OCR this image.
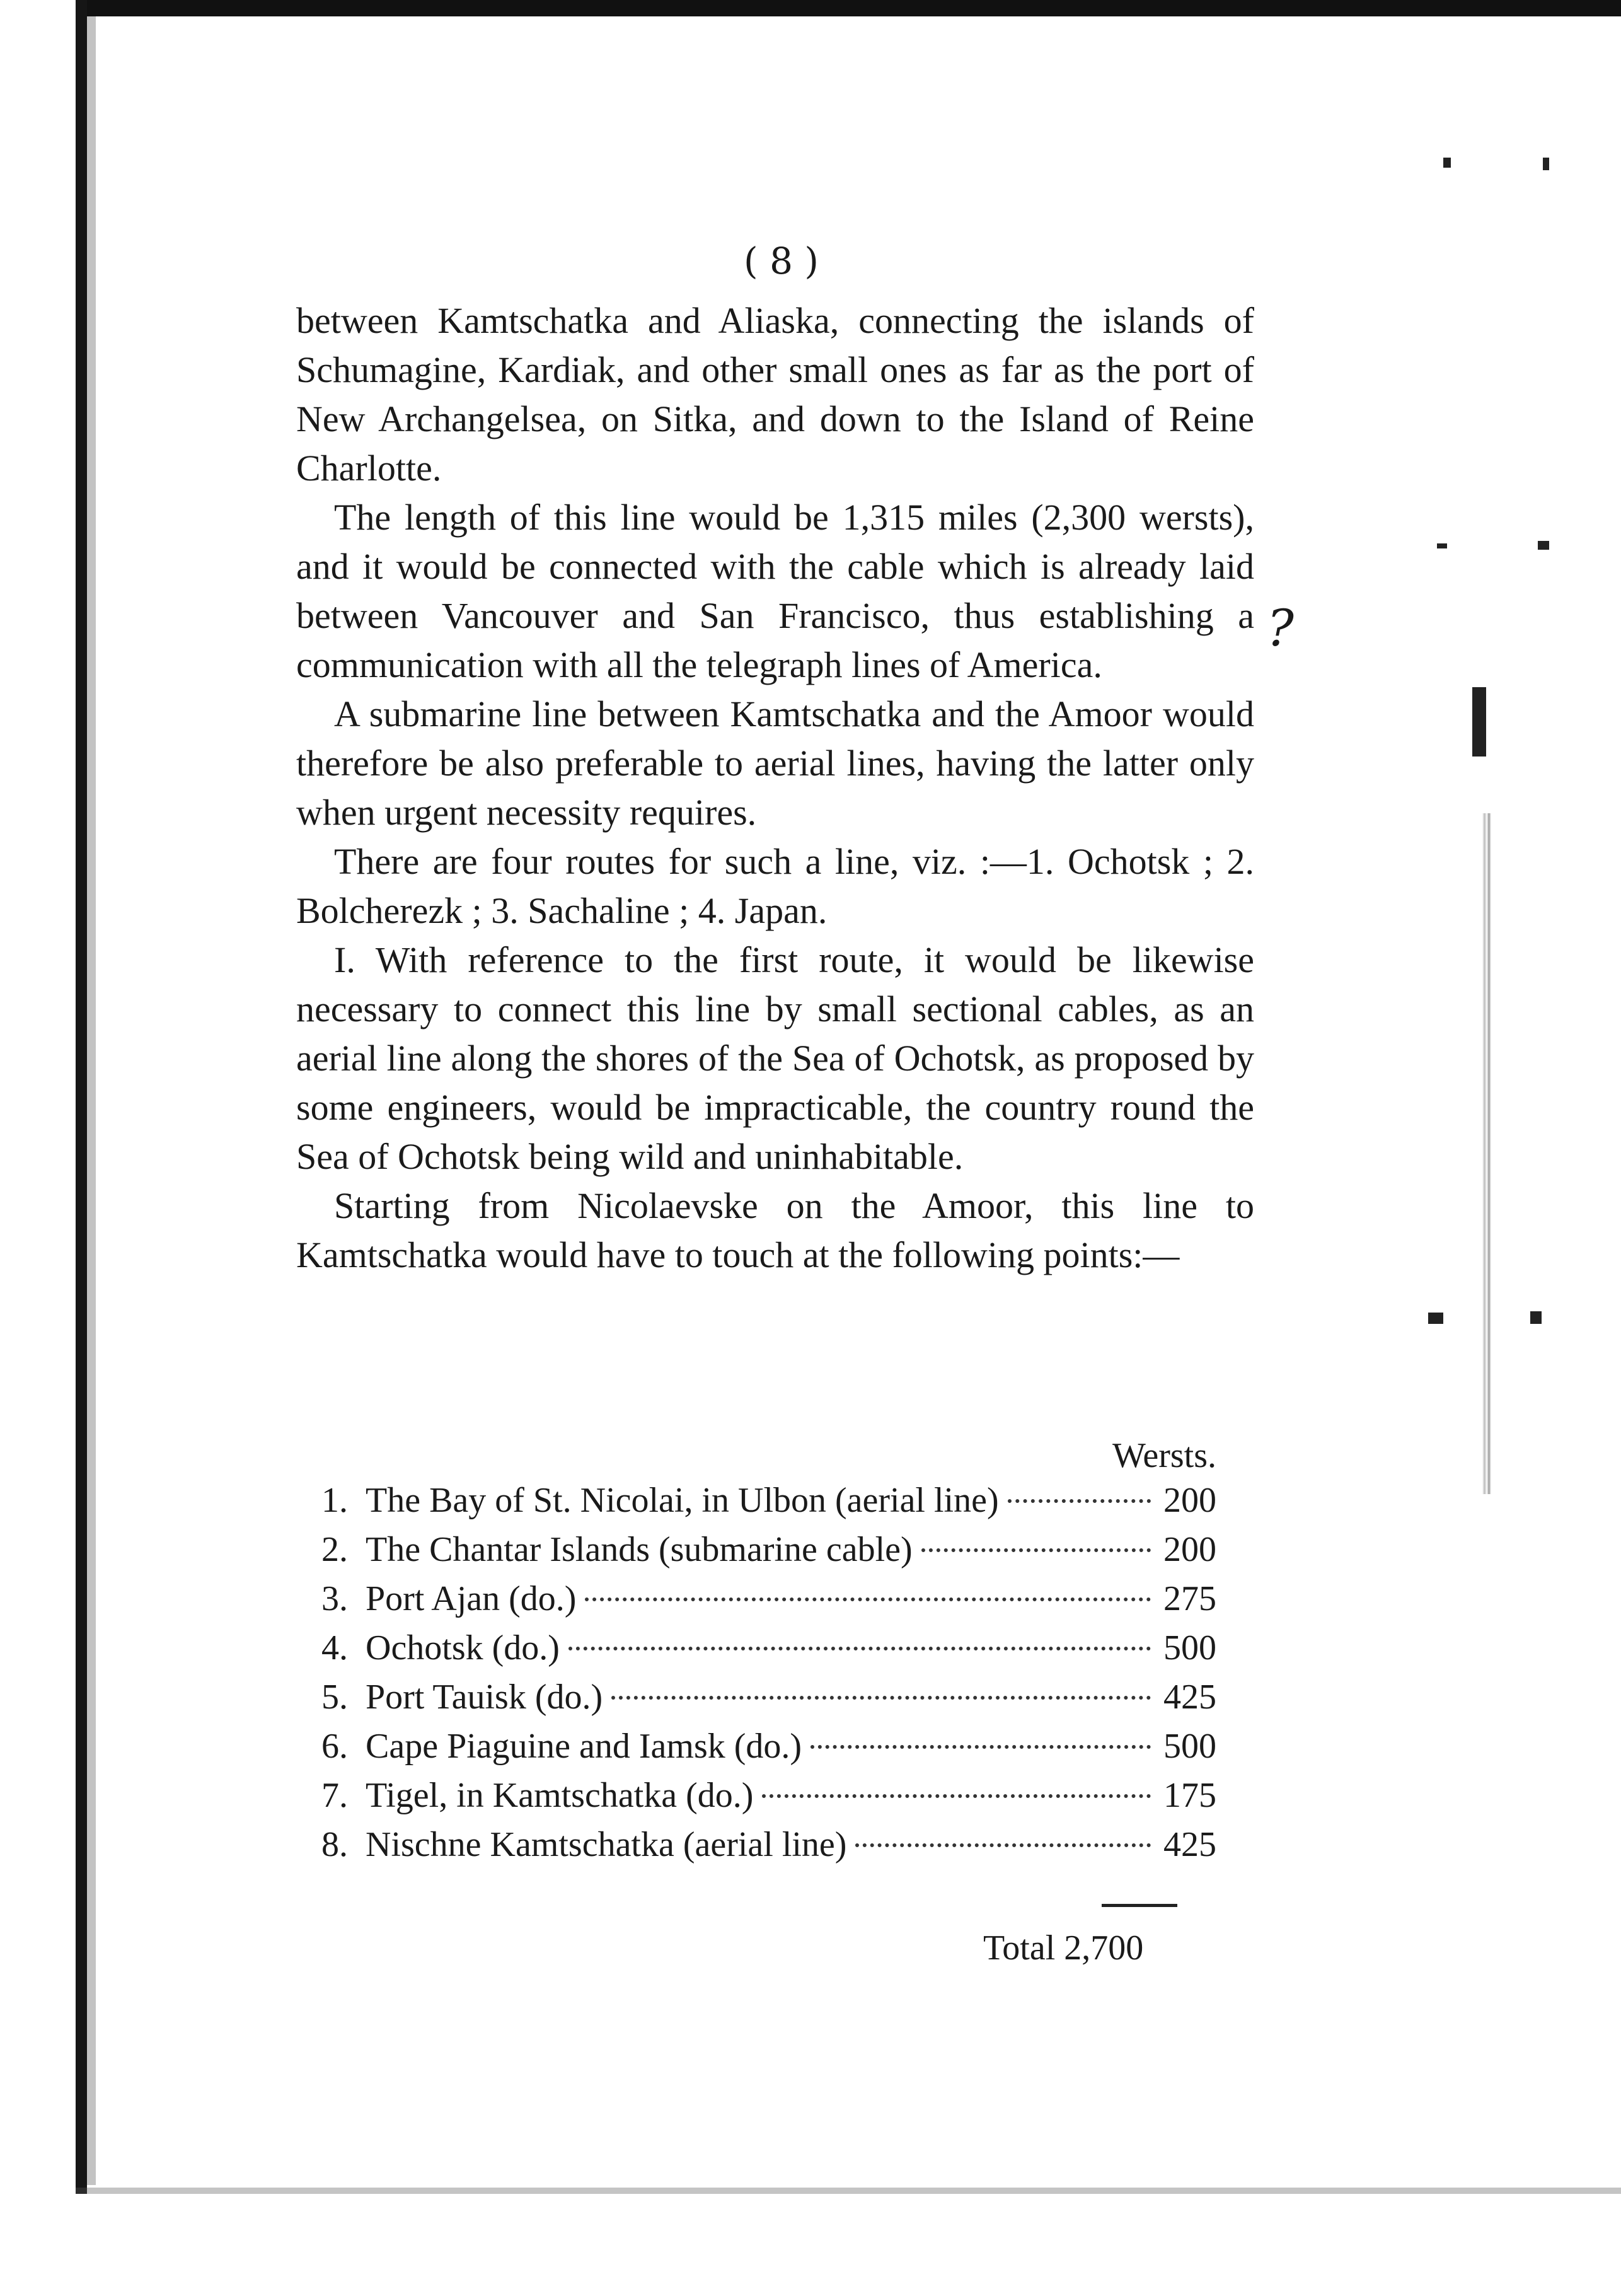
( 8 )

between Kamtschatka and Aliaska, connecting the islands of Schumagine, Kardiak, and other small ones as far as the port of New Archangelsea, on Sitka, and down to the Island of Reine Charlotte.

The length of this line would be 1,315 miles (2,300 wersts), and it would be connected with the cable which is already laid between Vancouver and San Francisco, thus establishing a communication with all the telegraph lines of America.

A submarine line between Kamtschatka and the Amoor would therefore be also preferable to aerial lines, having the latter only when urgent necessity requires.

There are four routes for such a line, viz. :—1. Ochotsk ; 2. Bolcherezk ; 3. Sachaline ; 4. Japan.

I. With reference to the first route, it would be likewise necessary to connect this line by small sectional cables, as an aerial line along the shores of the Sea of Ochotsk, as proposed by some engineers, would be impracticable, the country round the Sea of Ochotsk being wild and uninhabitable.

Starting from Nicolaevske on the Amoor, this line to Kamtschatka would have to touch at the following points:—

?
Wersts.
1. The Bay of St. Nicolai, in Ulbon (aerial line)	200
2. The Chantar Islands (submarine cable)	200
3. Port Ajan (do.)	275
4. Ochotsk (do.)	500
5. Port Tauisk (do.)	425
6. Cape Piaguine and Iamsk (do.)	500
7. Tigel, in Kamtschatka (do.)	175
8. Nischne Kamtschatka (aerial line)	425
Total 2,700
